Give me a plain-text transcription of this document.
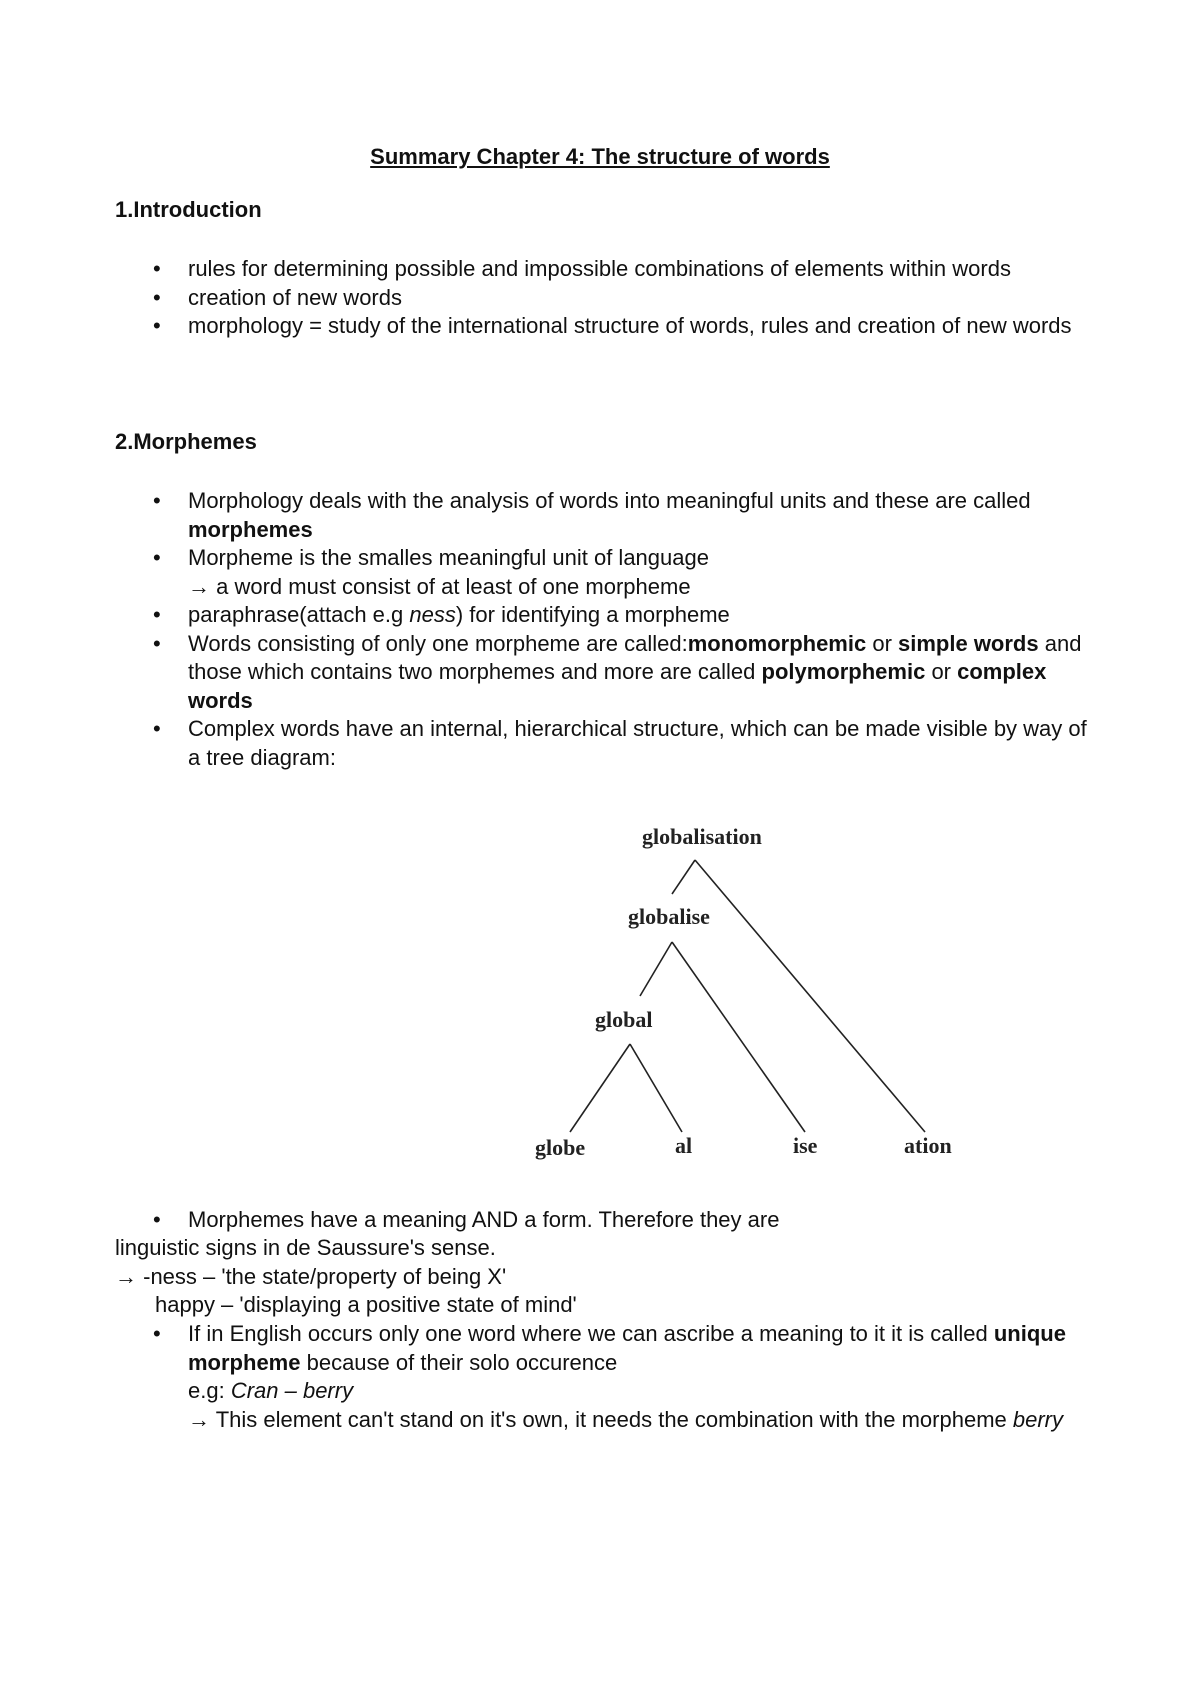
Summary Chapter 4: The structure of words
1.Introduction
• rules for determining possible and impossible combinations of elements within words
• creation of new words
• morphology = study of the international structure of words, rules and creation of new words
2.Morphemes
• Morphology deals with the analysis of words into meaningful units and these are called morphemes
• Morpheme is the smalles meaningful unit of language
→ a word must consist of at least of one morpheme
• paraphrase(attach e.g ness) for identifying a morpheme
• Words consisting of only one morpheme are called:monomorphemic or simple words and those which contains two morphemes and more are called polymorphemic or complex words
• Complex words have an internal, hierarchical structure, which can be made visible by way of a tree diagram:
globalisation
globalise
global
globe	al	ise	ation
• Morphemes have a meaning AND a form. Therefore they are
linguistic signs in de Saussure's sense.
→ -ness – 'the state/property of being X'
happy – 'displaying a positive state of mind'
• If in English occurs only one word where we can ascribe a meaning to it it is called unique morpheme because of their solo occurence
e.g: Cran – berry
→ This element can't stand on it's own, it needs the combination with the morpheme berry
